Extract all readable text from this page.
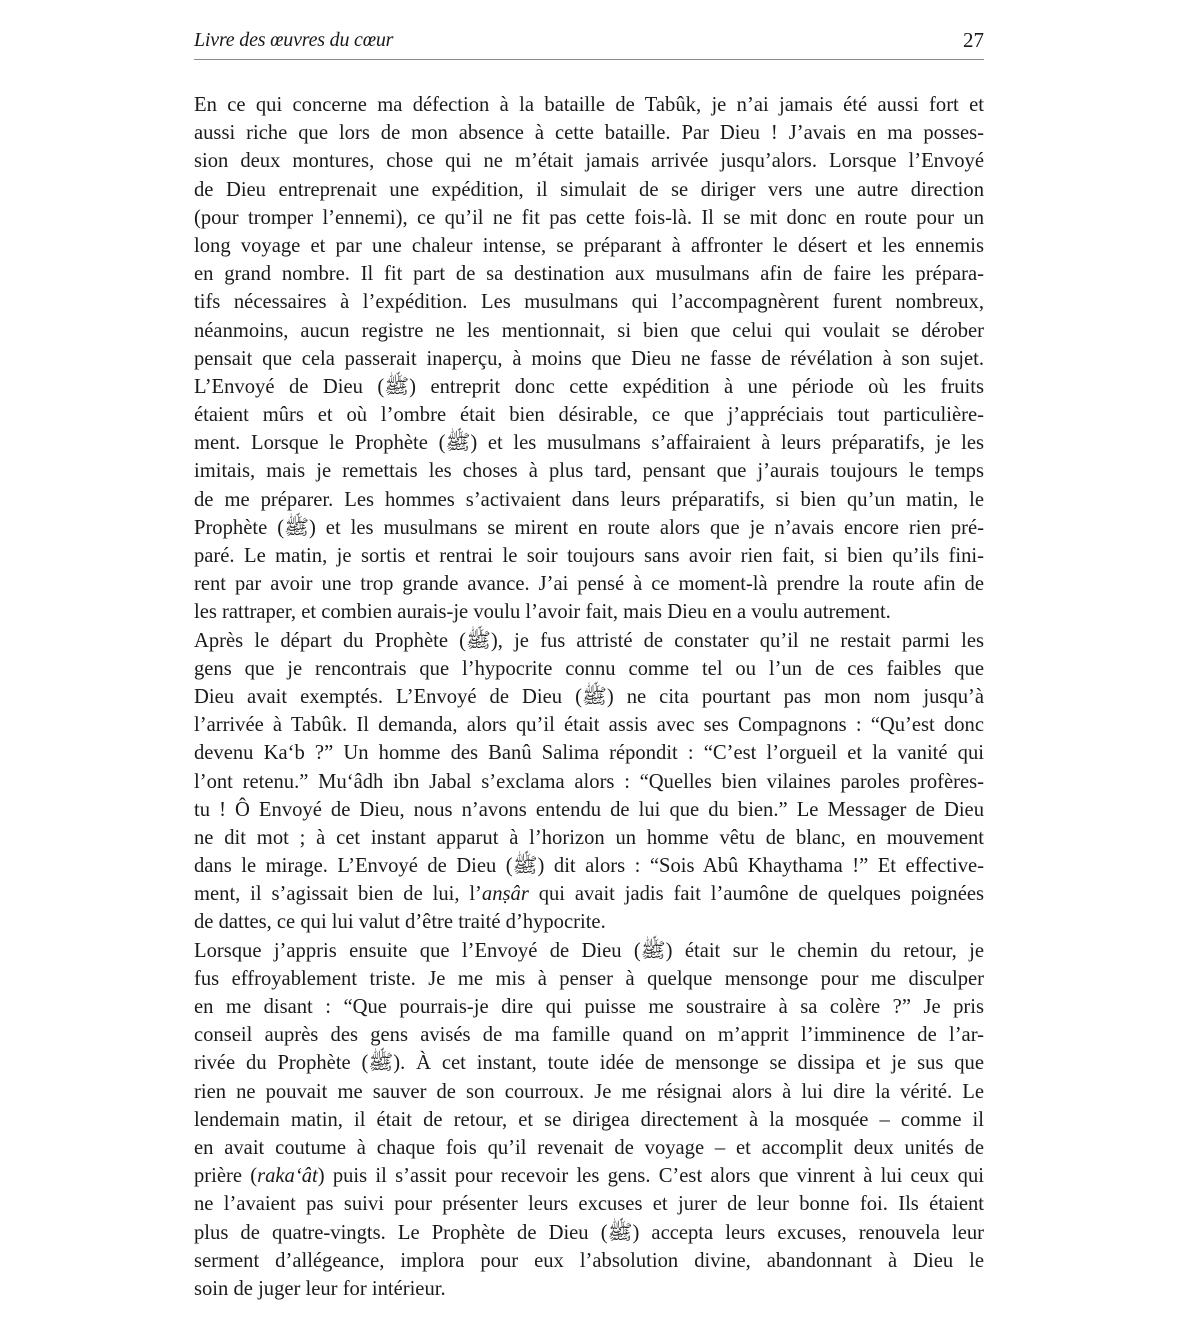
Livre des œuvres du cœur	27
En ce qui concerne ma défection à la bataille de Tabûk, je n’ai jamais été aussi fort et
aussi riche que lors de mon absence à cette bataille. Par Dieu ! J’avais en ma posses-
sion deux montures, chose qui ne m’était jamais arrivée jusqu’alors. Lorsque l’Envoyé
de Dieu entreprenait une expédition, il simulait de se diriger vers une autre direction
(pour tromper l’ennemi), ce qu’il ne fit pas cette fois-là. Il se mit donc en route pour un
long voyage et par une chaleur intense, se préparant à affronter le désert et les ennemis
en grand nombre. Il fit part de sa destination aux musulmans afin de faire les prépara-
tifs nécessaires à l’expédition. Les musulmans qui l’accompagnèrent furent nombreux,
néanmoins, aucun registre ne les mentionnait, si bien que celui qui voulait se dérober
pensait que cela passerait inaperçu, à moins que Dieu ne fasse de révélation à son sujet.
L’Envoyé de Dieu (ﷺ) entreprit donc cette expédition à une période où les fruits
étaient mûrs et où l’ombre était bien désirable, ce que j’appréciais tout particulière-
ment. Lorsque le Prophète (ﷺ) et les musulmans s’affairaient à leurs préparatifs, je les
imitais, mais je remettais les choses à plus tard, pensant que j’aurais toujours le temps
de me préparer. Les hommes s’activaient dans leurs préparatifs, si bien qu’un matin, le
Prophète (ﷺ) et les musulmans se mirent en route alors que je n’avais encore rien pré-
paré. Le matin, je sortis et rentrai le soir toujours sans avoir rien fait, si bien qu’ils fini-
rent par avoir une trop grande avance. J’ai pensé à ce moment-là prendre la route afin de
les rattraper, et combien aurais-je voulu l’avoir fait, mais Dieu en a voulu autrement.
Après le départ du Prophète (ﷺ), je fus attristé de constater qu’il ne restait parmi les
gens que je rencontrais que l’hypocrite connu comme tel ou l’un de ces faibles que
Dieu avait exemptés. L’Envoyé de Dieu (ﷺ) ne cita pourtant pas mon nom jusqu’à
l’arrivée à Tabûk. Il demanda, alors qu’il était assis avec ses Compagnons : “Qu’est donc
devenu Ka‘b ?” Un homme des Banû Salima répondit : “C’est l’orgueil et la vanité qui
l’ont retenu.” Mu‘âdh ibn Jabal s’exclama alors : “Quelles bien vilaines paroles profères-
tu ! Ô Envoyé de Dieu, nous n’avons entendu de lui que du bien.” Le Messager de Dieu
ne dit mot ; à cet instant apparut à l’horizon un homme vêtu de blanc, en mouvement
dans le mirage. L’Envoyé de Dieu (ﷺ) dit alors : “Sois Abû Khaythama !” Et effective-
ment, il s’agissait bien de lui, l’anṣâr qui avait jadis fait l’aumône de quelques poignées
de dattes, ce qui lui valut d’être traité d’hypocrite.
Lorsque j’appris ensuite que l’Envoyé de Dieu (ﷺ) était sur le chemin du retour, je
fus effroyablement triste. Je me mis à penser à quelque mensonge pour me disculper
en me disant : “Que pourrais-je dire qui puisse me soustraire à sa colère ?” Je pris
conseil auprès des gens avisés de ma famille quand on m’apprit l’imminence de l’ar-
rivée du Prophète (ﷺ). À cet instant, toute idée de mensonge se dissipa et je sus que
rien ne pouvait me sauver de son courroux. Je me résignai alors à lui dire la vérité. Le
lendemain matin, il était de retour, et se dirigea directement à la mosquée – comme il
en avait coutume à chaque fois qu’il revenait de voyage – et accomplit deux unités de
prière (raka‘ât) puis il s’assit pour recevoir les gens. C’est alors que vinrent à lui ceux qui
ne l’avaient pas suivi pour présenter leurs excuses et jurer de leur bonne foi. Ils étaient
plus de quatre-vingts. Le Prophète de Dieu (ﷺ) accepta leurs excuses, renouvela leur
serment d’allégeance, implora pour eux l’absolution divine, abandonnant à Dieu le
soin de juger leur for intérieur.
